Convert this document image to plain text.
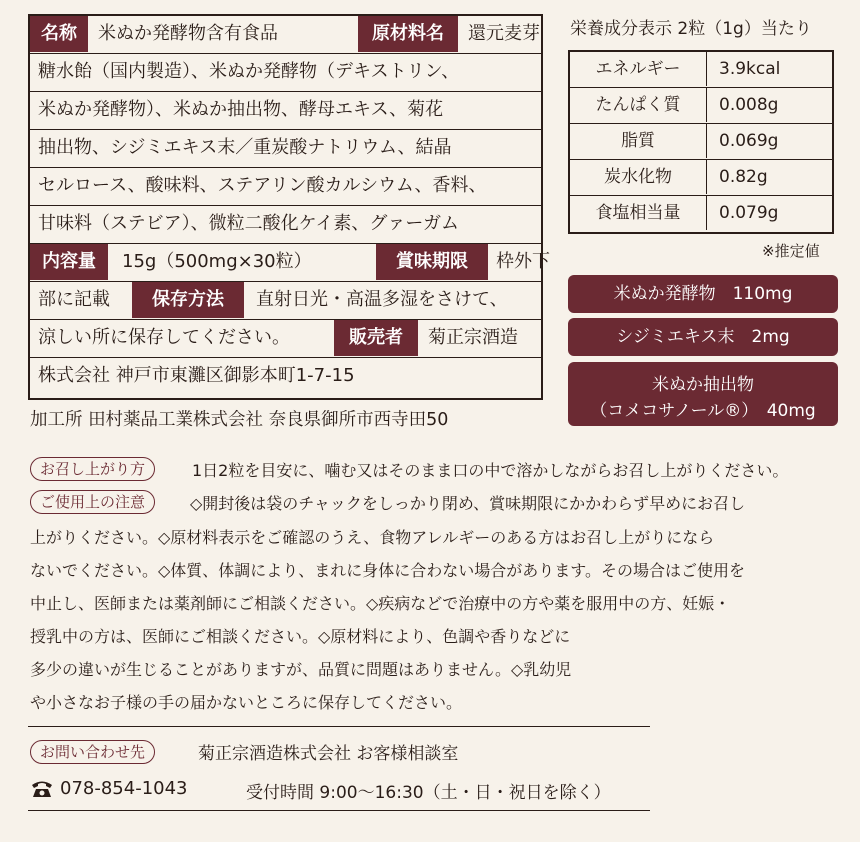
名称	米ぬか発酵物含有食品	原材料名	還元麦芽
糖水飴（国内製造）、米ぬか発酵物（デキストリン、
米ぬか発酵物）、米ぬか抽出物、酵母エキス、菊花
抽出物、シジミエキス末／重炭酸ナトリウム、結晶
セルロース、酸味料、ステアリン酸カルシウム、香料、
甘味料（ステビア）、微粒二酸化ケイ素、グァーガム
内容量	15g（500mg×30粒）	賞味期限	枠外下
部に記載	保存方法	直射日光・高温多湿をさけて、
涼しい所に保存してください。	販売者	菊正宗酒造
株式会社 神戸市東灘区御影本町1-7-15
加工所 田村薬品工業株式会社 奈良県御所市西寺田50
栄養成分表示 2粒（1g）当たり
エネルギー	3.9kcal
たんぱく質	0.008g
脂質	0.069g
炭水化物	0.82g
食塩相当量	0.079g
※推定値
米ぬか発酵物　110mg
シジミエキス末　2mg
米ぬか抽出物
（コメコサノール®）　40mg
お召し上がり方	1日2粒を目安に、噛む又はそのまま口の中で溶かしながらお召し上がりください。
ご使用上の注意	◇開封後は袋のチャックをしっかり閉め、賞味期限にかかわらず早めにお召し
上がりください。◇原材料表示をご確認のうえ、食物アレルギーのある方はお召し上がりになら
ないでください。◇体質、体調により、まれに身体に合わない場合があります。その場合はご使用を
中止し、医師または薬剤師にご相談ください。◇疾病などで治療中の方や薬を服用中の方、妊娠・
授乳中の方は、医師にご相談ください。◇原材料により、色調や香りなどに
多少の違いが生じることがありますが、品質に問題はありません。◇乳幼児
や小さなお子様の手の届かないところに保存してください。
お問い合わせ先	菊正宗酒造株式会社 お客様相談室
078-854-1043	受付時間 9:00〜16:30（土・日・祝日を除く）
